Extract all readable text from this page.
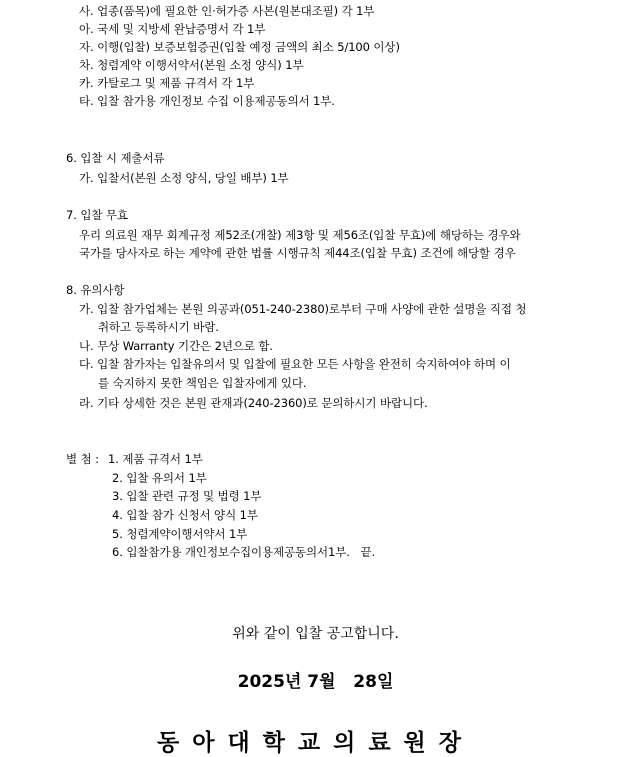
사. 업종(품목)에 필요한 인·허가증 사본(원본대조필) 각 1부
아. 국세 및 지방세 완납증명서 각 1부
자. 이행(입찰) 보증보험증권(입찰 예정 금액의 최소 5/100 이상)
차. 청렴계약 이행서약서(본원 소정 양식) 1부
카. 카탈로그 및 제품 규격서 각 1부
타. 입찰 참가용 개인정보 수집 이용제공동의서 1부.
6. 입찰 시 제출서류
가. 입찰서(본원 소정 양식, 당일 배부) 1부
7. 입찰 무효
우리 의료원 재무 회계규정 제52조(개찰) 제3항 및 제56조(입찰 무효)에 해당하는 경우와
국가를 당사자로 하는 계약에 관한 법률 시행규칙 제44조(입찰 무효) 조건에 해당할 경우
8. 유의사항
가. 입찰 참가업체는 본원 의공과(051-240-2380)로부터 구매 사양에 관한 설명을 직접 청
취하고 등록하시기 바람.
나. 무상 Warranty 기간은 2년으로 함.
다. 입찰 참가자는 입찰유의서 및 입찰에 필요한 모든 사항을 완전히 숙지하여야 하며 이
를 숙지하지 못한 책임은 입찰자에게 있다.
라. 기타 상세한 것은 본원 관재과(240-2360)로 문의하시기 바랍니다.
별 첨 : 1. 제품 규격서 1부
2. 입찰 유의서 1부
3. 입찰 관련 규정 및 법령 1부
4. 입찰 참가 신청서 양식 1부
5. 청렴계약이행서약서 1부
6. 입찰참가용 개인정보수집이용제공동의서1부.   끝.
위와 같이 입찰 공고합니다.
2025년 7월   28일
동아대학교의료원장
